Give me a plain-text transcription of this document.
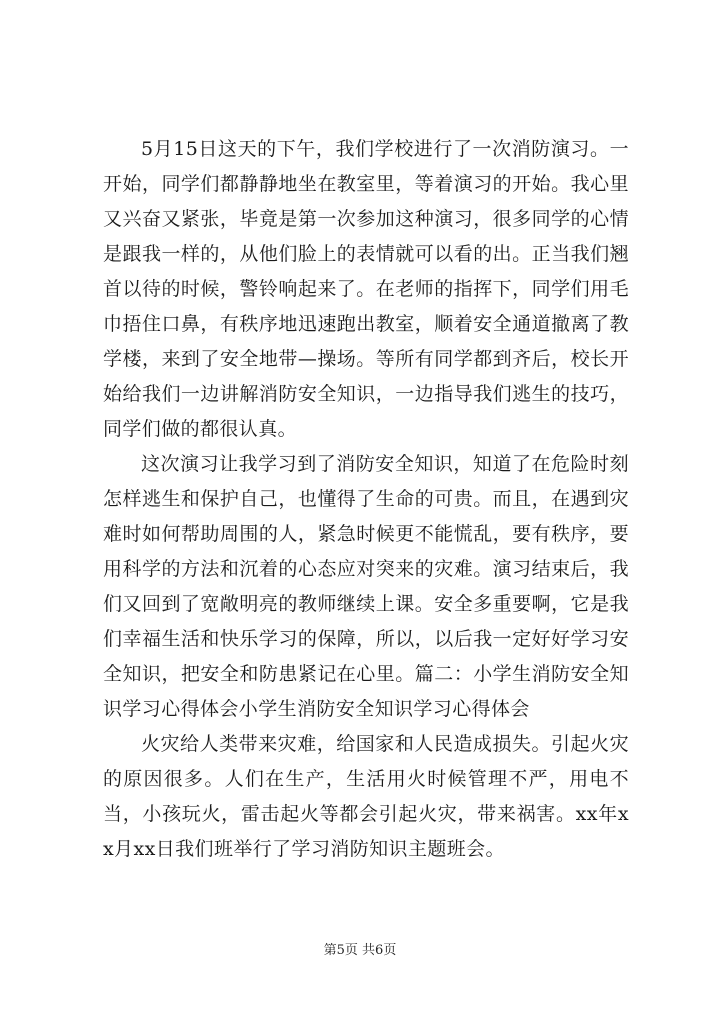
5月15日这天的下午，我们学校进行了一次消防演习。一开始，同学们都静静地坐在教室里，等着演习的开始。我心里又兴奋又紧张，毕竟是第一次参加这种演习，很多同学的心情是跟我一样的，从他们脸上的表情就可以看的出。正当我们翘首以待的时候，警铃响起来了。在老师的指挥下，同学们用毛巾捂住口鼻，有秩序地迅速跑出教室，顺着安全通道撤离了教学楼，来到了安全地带—操场。等所有同学都到齐后，校长开始给我们一边讲解消防安全知识，一边指导我们逃生的技巧，同学们做的都很认真。

这次演习让我学习到了消防安全知识，知道了在危险时刻怎样逃生和保护自己，也懂得了生命的可贵。而且，在遇到灾难时如何帮助周围的人，紧急时候更不能慌乱，要有秩序，要用科学的方法和沉着的心态应对突来的灾难。演习结束后，我们又回到了宽敞明亮的教师继续上课。安全多重要啊，它是我们幸福生活和快乐学习的保障，所以，以后我一定好好学习安全知识，把安全和防患紧记在心里。篇二：小学生消防安全知识学习心得体会小学生消防安全知识学习心得体会

火灾给人类带来灾难，给国家和人民造成损失。引起火灾的原因很多。人们在生产，生活用火时候管理不严，用电不当，小孩玩火，雷击起火等都会引起火灾，带来祸害。xx年xx月xx日我们班举行了学习消防知识主题班会。

第5页 共6页
